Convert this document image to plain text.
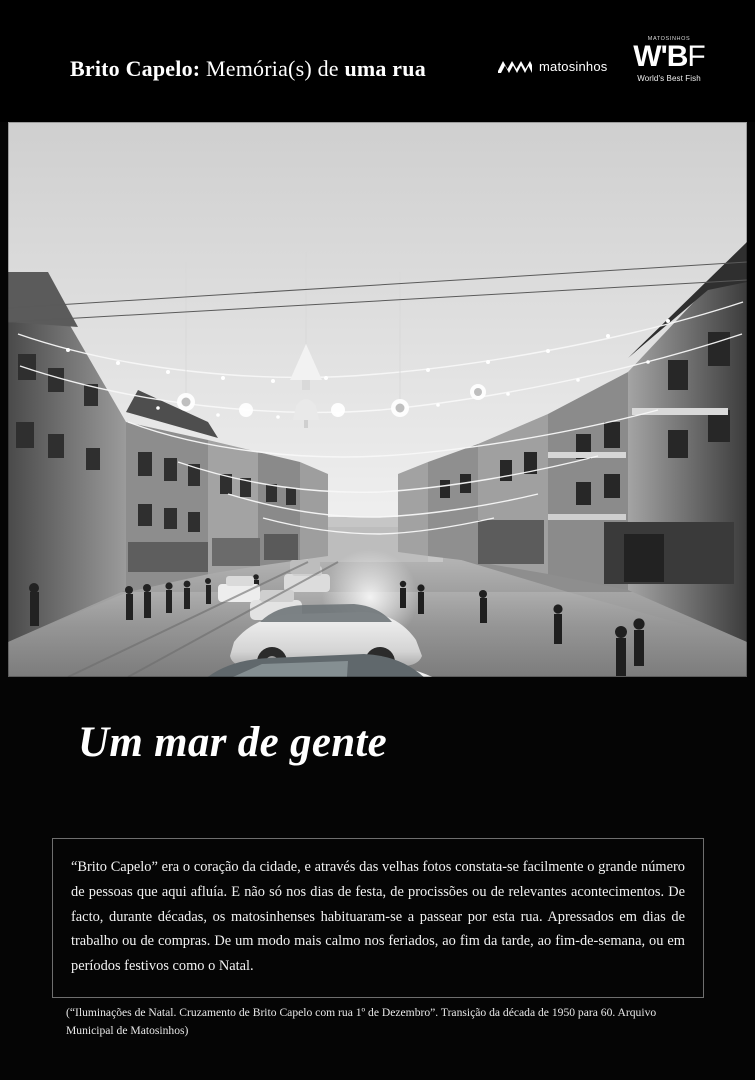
Brito Capelo: Memória(s) de uma rua	matosinhos
MATOSINHOS
W'BF
World's Best Fish
Um mar de gente

“Brito Capelo” era o coração da cidade, e através das velhas fotos constata-se facilmente o grande número de pessoas que aqui afluía. E não só nos dias de festa, de procissões ou de relevantes acontecimentos. De facto, durante décadas, os matosinhenses habituaram-se a passear por esta rua. Apressados em dias de trabalho ou de compras. De um modo mais calmo nos feriados, ao fim da tarde, ao fim-de-semana, ou em períodos festivos como o Natal.

(“Iluminações de Natal. Cruzamento de Brito Capelo com rua 1º de Dezembro”. Transição da década de 1950 para 60. Arquivo Municipal de Matosinhos)
